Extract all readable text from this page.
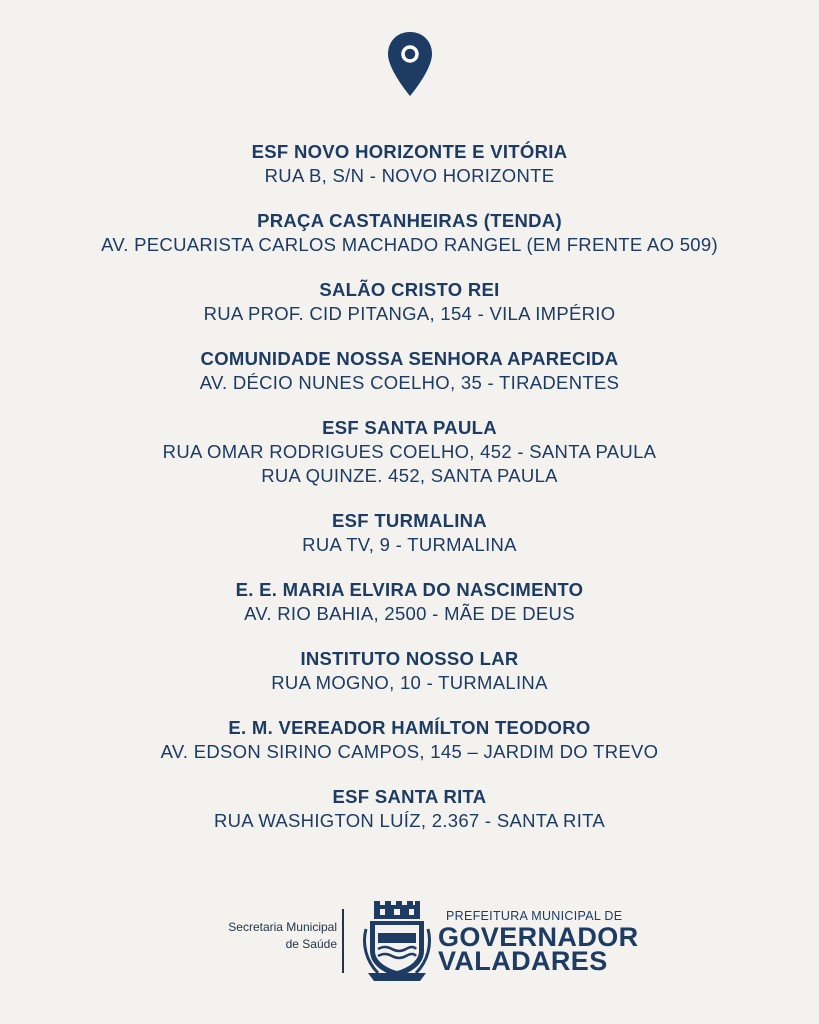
ESF NOVO HORIZONTE E VITÓRIA
RUA B, S/N - NOVO HORIZONTE
PRAÇA CASTANHEIRAS (TENDA)
AV. PECUARISTA CARLOS MACHADO RANGEL (EM FRENTE AO 509)
SALÃO CRISTO REI
RUA PROF. CID PITANGA, 154 - VILA IMPÉRIO
COMUNIDADE NOSSA SENHORA APARECIDA
AV. DÉCIO NUNES COELHO, 35 - TIRADENTES
ESF SANTA PAULA
RUA OMAR RODRIGUES COELHO, 452 - SANTA PAULA
RUA QUINZE. 452, SANTA PAULA
ESF TURMALINA
RUA TV, 9 - TURMALINA
E. E. MARIA ELVIRA DO NASCIMENTO
AV. RIO BAHIA, 2500 - MÃE DE DEUS
INSTITUTO NOSSO LAR
RUA MOGNO, 10 - TURMALINA
E. M. VEREADOR HAMÍLTON TEODORO
AV. EDSON SIRINO CAMPOS, 145 – JARDIM DO TREVO
ESF SANTA RITA
RUA WASHIGTON LUÍZ, 2.367 - SANTA RITA
Secretaria Municipal
de Saúde
PREFEITURA MUNICIPAL DE
GOVERNADOR
VALADARES
